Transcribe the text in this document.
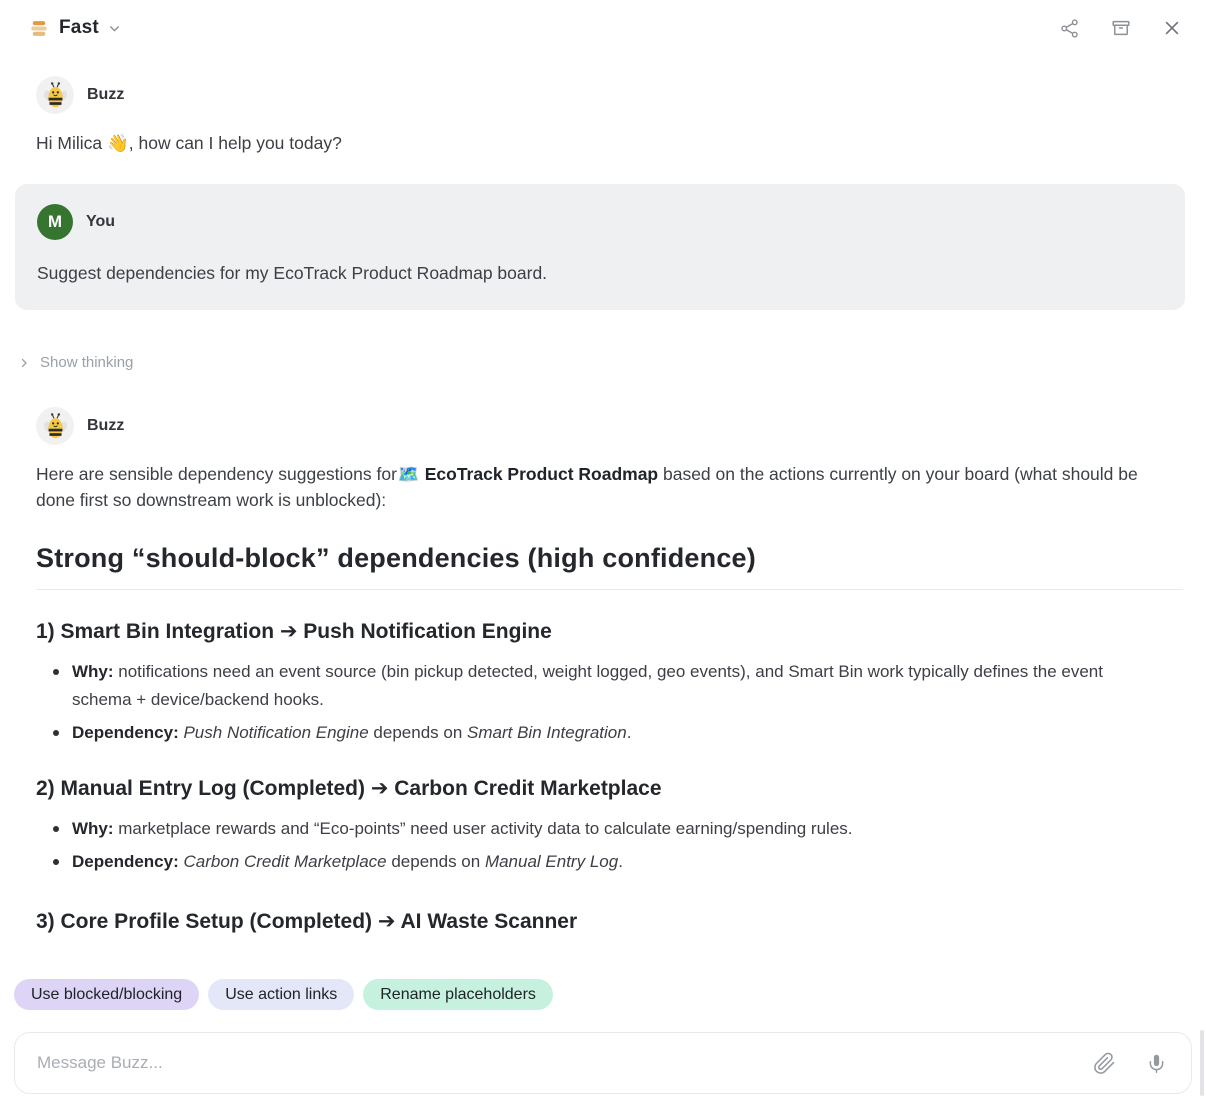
Fast
Buzz

Hi Milica 👋, how can I help you today?

M You

Suggest dependencies for my EcoTrack Product Roadmap board.

Show thinking
Buzz

Here are sensible dependency suggestions for🗺️ EcoTrack Product Roadmap based on the actions currently on your board (what should be done first so downstream work is unblocked):

Strong “should-block” dependencies (high confidence)
1) Smart Bin Integration ➔ Push Notification Engine
Why: notifications need an event source (bin pickup detected, weight logged, geo events), and Smart Bin work typically defines the event schema + device/backend hooks.
Dependency: Push Notification Engine depends on Smart Bin Integration.
2) Manual Entry Log (Completed) ➔ Carbon Credit Marketplace
Why: marketplace rewards and “Eco-points” need user activity data to calculate earning/spending rules.
Dependency: Carbon Credit Marketplace depends on Manual Entry Log.
3) Core Profile Setup (Completed) ➔ AI Waste Scanner
Use blocked/blocking	Use action links	Rename placeholders
Message Buzz...
